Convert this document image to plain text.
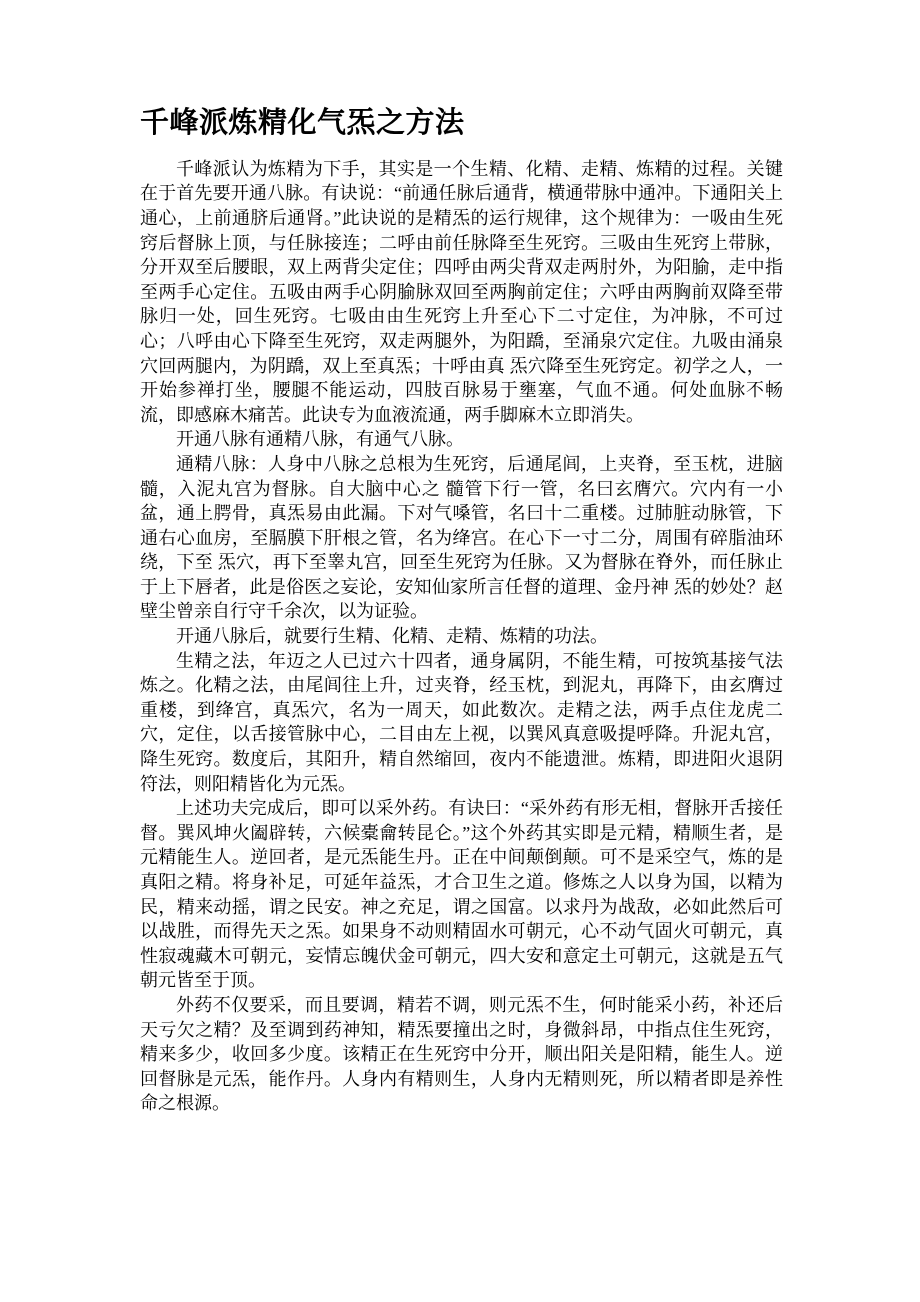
千峰派炼精化气炁之方法

千峰派认为炼精为下手，其实是一个生精、化精、走精、炼精的过程。关键在于首先要开通八脉。有诀说：“前通任脉后通背，横通带脉中通冲。下通阳关上通心，上前通脐后通肾。”此诀说的是精炁的运行规律，这个规律为：一吸由生死窍后督脉上顶，与任脉接连；二呼由前任脉降至生死窍。三吸由生死窍上带脉，分开双至后腰眼，双上两背尖定住；四呼由两尖背双走两肘外，为阳腧，走中指至两手心定住。五吸由两手心阴腧脉双回至两胸前定住；六呼由两胸前双降至带脉归一处，回生死窍。七吸由由生死窍上升至心下二寸定住，为冲脉，不可过心；八呼由心下降至生死窍，双走两腿外，为阳蹻，至涌泉穴定住。九吸由涌泉穴回两腿内，为阴蹻，双上至真炁；十呼由真 炁穴降至生死窍定。初学之人，一开始参禅打坐，腰腿不能运动，四肢百脉易于壅塞，气血不通。何处血脉不畅流，即感麻木痛苦。此诀专为血液流通，两手脚麻木立即消失。

开通八脉有通精八脉，有通气八脉。

通精八脉：人身中八脉之总根为生死窍，后通尾闾，上夹脊，至玉枕，进脑髓，入泥丸宫为督脉。自大脑中心之 髓管下行一管，名曰玄膺穴。穴内有一小盆，通上腭骨，真炁易由此漏。下对气嗓管，名曰十二重楼。过肺脏动脉管，下通右心血房，至膈膜下肝根之管，名为绛宫。在心下一寸二分，周围有碎脂油环绕，下至 炁穴，再下至睾丸宫，回至生死窍为任脉。又为督脉在脊外，而任脉止于上下唇者，此是俗医之妄论，安知仙家所言任督的道理、金丹神 炁的妙处？赵壁尘曾亲自行守千余次，以为证验。

开通八脉后，就要行生精、化精、走精、炼精的功法。

生精之法，年迈之人已过六十四者，通身属阴，不能生精，可按筑基接气法炼之。化精之法，由尾闾往上升，过夹脊，经玉枕，到泥丸，再降下，由玄膺过重楼，到绛宫，真炁穴，名为一周天，如此数次。走精之法，两手点住龙虎二穴，定住，以舌接管脉中心，二目由左上视，以巽风真意吸提呼降。升泥丸宫，降生死窍。数度后，其阳升，精自然缩回，夜内不能遗泄。炼精，即进阳火退阴符法，则阳精皆化为元炁。

上述功夫完成后，即可以采外药。有诀曰：“采外药有形无相，督脉开舌接任督。巽风坤火阖辟转，六候橐龠转昆仑。”这个外药其实即是元精，精顺生者，是元精能生人。逆回者，是元炁能生丹。正在中间颠倒颠。可不是采空气，炼的是真阳之精。将身补足，可延年益炁，才合卫生之道。修炼之人以身为国，以精为民，精来动摇，谓之民安。神之充足，谓之国富。以求丹为战敌，必如此然后可以战胜，而得先天之炁。如果身不动则精固水可朝元，心不动气固火可朝元，真性寂魂藏木可朝元，妄情忘魄伏金可朝元，四大安和意定土可朝元，这就是五气朝元皆至于顶。

外药不仅要采，而且要调，精若不调，则元炁不生，何时能采小药，补还后天亏欠之精？及至调到药神知，精炁要撞出之时，身微斜昂，中指点住生死窍，精来多少，收回多少度。该精正在生死窍中分开，顺出阳关是阳精，能生人。逆回督脉是元炁，能作丹。人身内有精则生，人身内无精则死，所以精者即是养性命之根源。
